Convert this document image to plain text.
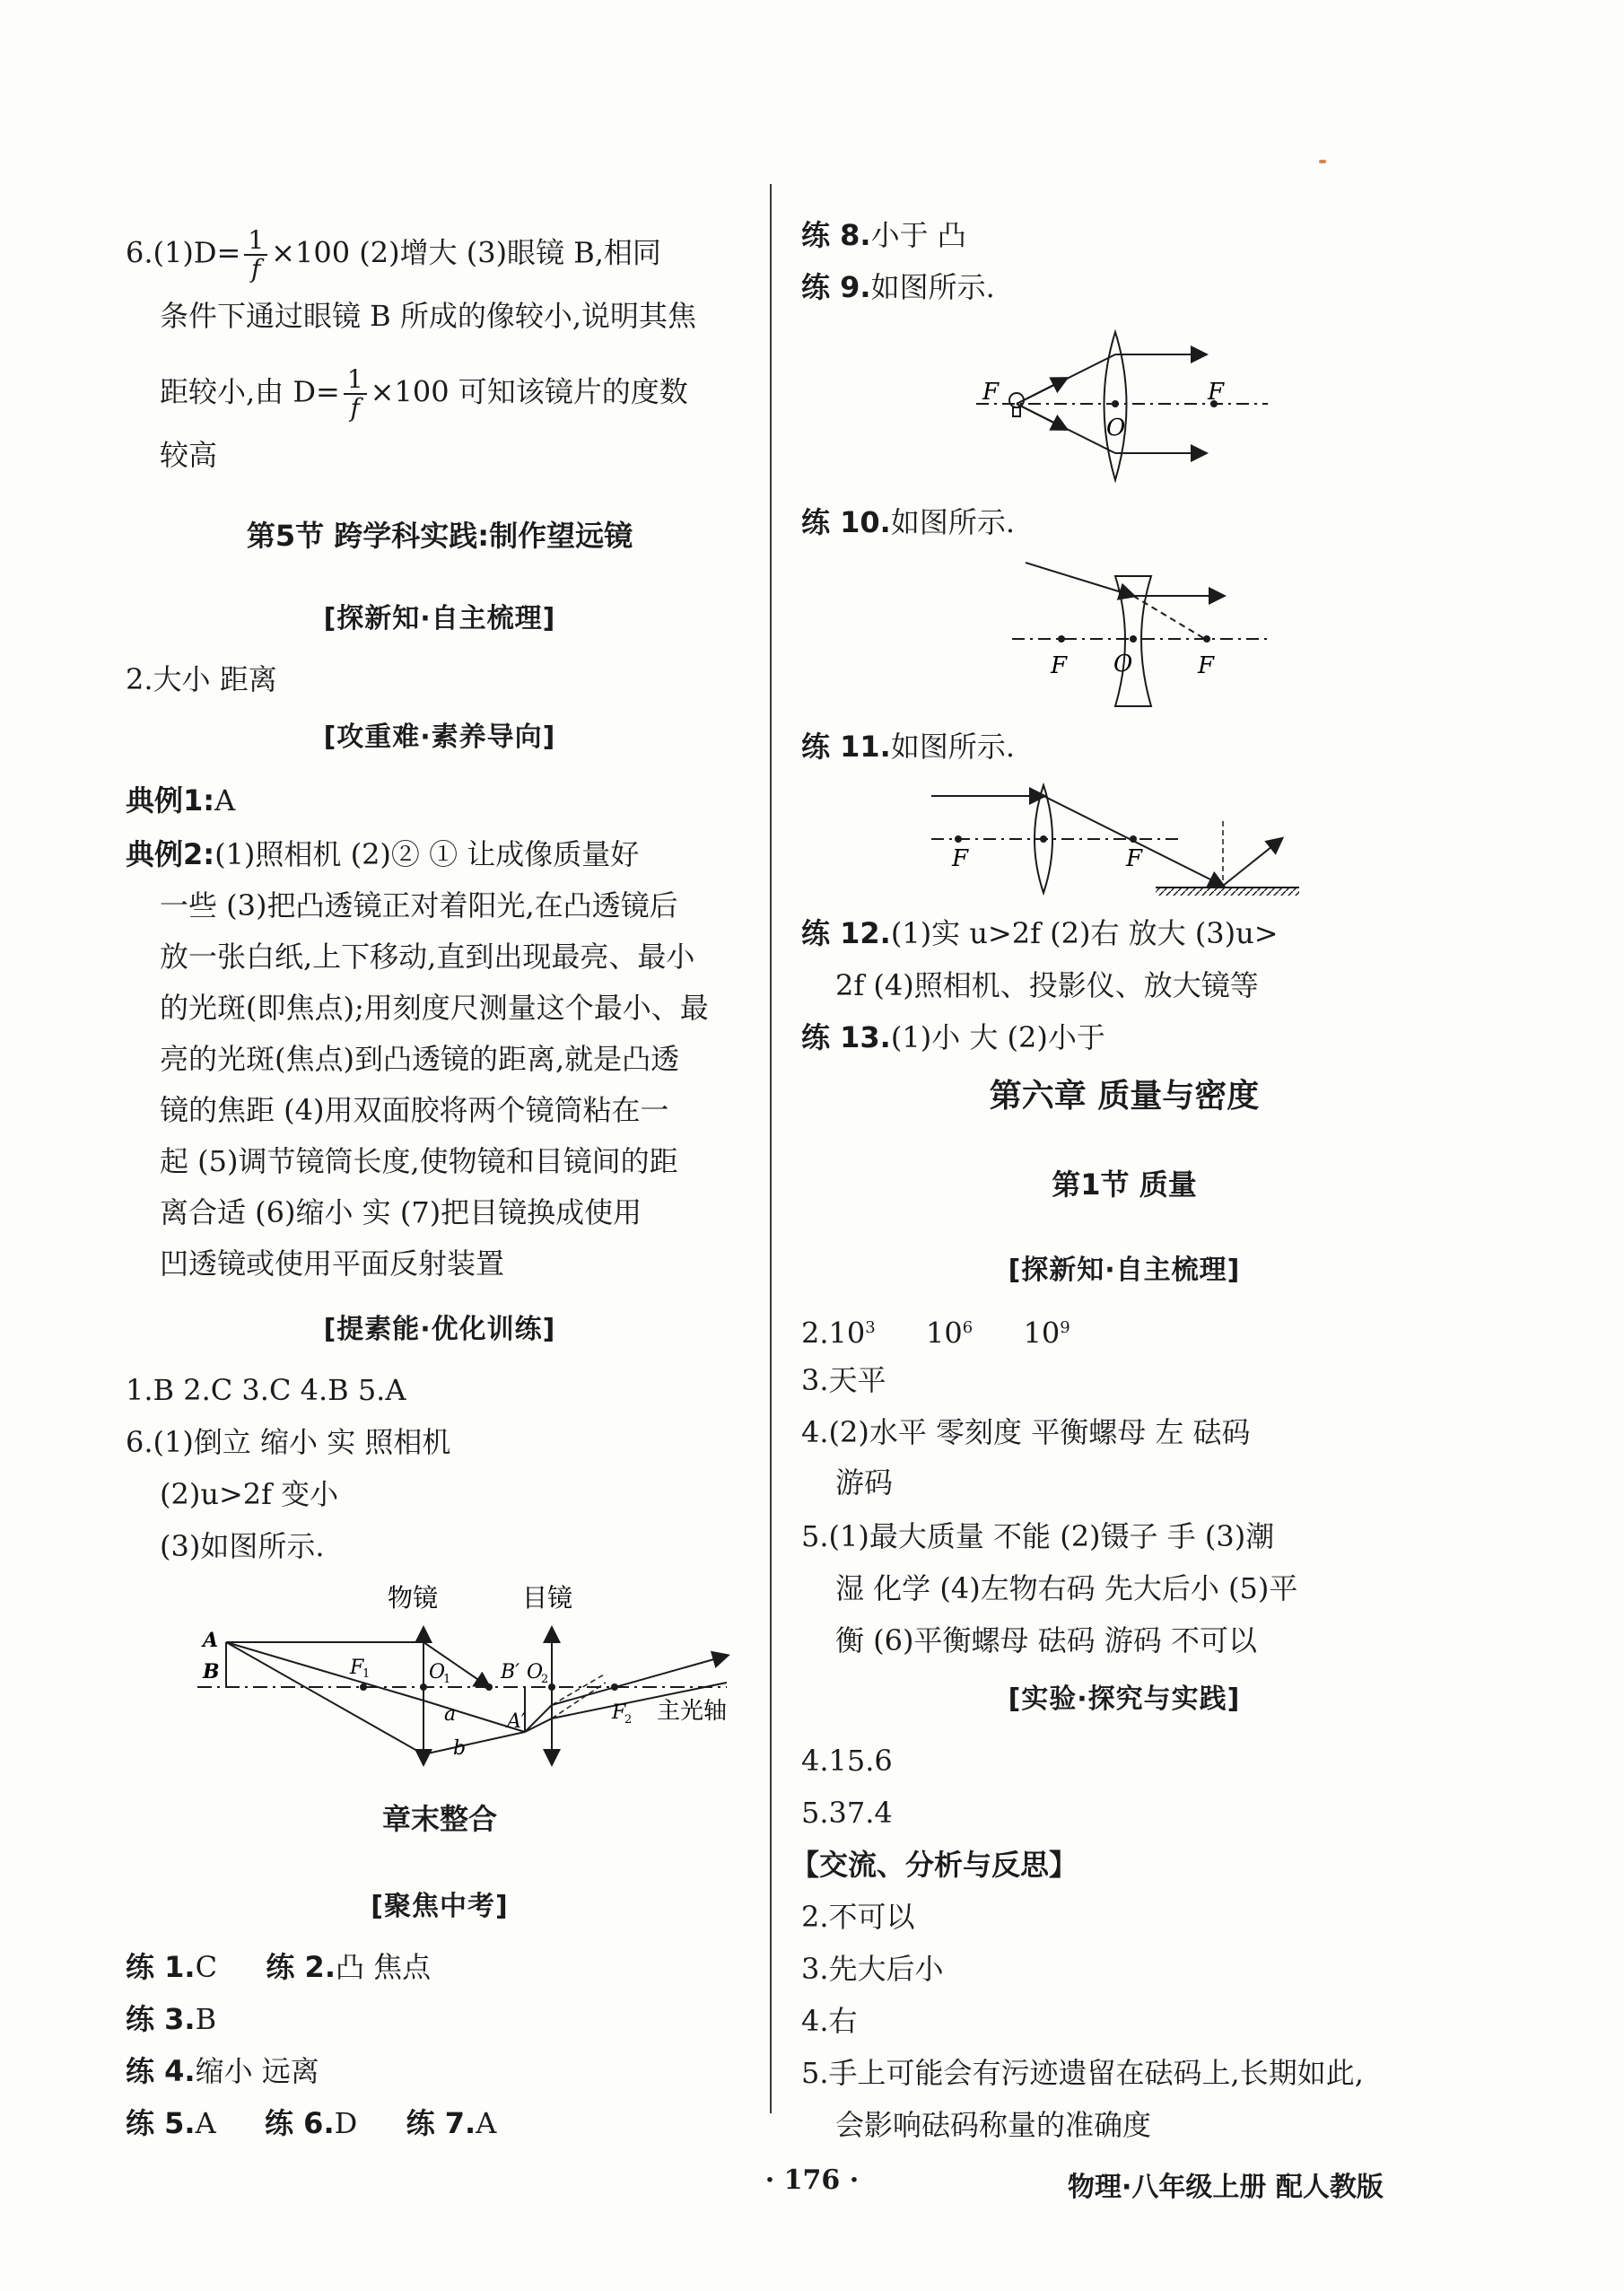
$6.(1)D= \frac{1}{f} \times 100$ (2)增大 (3)眼镜 B,相同
条件下通过眼镜 B 所成的像较小,说明其焦
距较小,由 $D= \frac{1}{f} \times 100$ 可知该镜片的度数
较高
第5节 跨学科实践:制作望远镜
[探新知·自主梳理]
2.大小 距离
[攻重难·素养导向]
典例1:A
典例2:(1)照相机 (2)② ① 让成像质量好
一些 (3)把凸透镜正对着阳光,在凸透镜后
放一张白纸,上下移动,直到出现最亮、最小
的光斑(即焦点);用刻度尺测量这个最小、最
亮的光斑(焦点)到凸透镜的距离,就是凸透
镜的焦距 (4)用双面胶将两个镜筒粘在一
起 (5)调节镜筒长度,使物镜和目镜间的距
离合适 (6)缩小 实 (7)把目镜换成使用
凹透镜或使用平面反射装置
[提素能·优化训练]
1.B 2.C 3.C 4.B 5.A
6.(1)倒立 缩小 实 照相机
(2)u>2f 变小
(3)如图所示.
物镜	目镜
A
B	F
1	O
1	B′ O
2
A′
a
b
F
2 主光轴
章末整合
[聚焦中考]
练 1.C 练 2.凸 焦点
练 3.B
练 4.缩小 远离
练 5.A 练 6.D 练 7.A
练 8.小于 凸
练 9.如图所示.
F	F
O
练 10.如图所示.
F O	F
练 11.如图所示.
F	F
练 12.(1)实 u>2f (2)右 放大 (3)u>
2f (4)照相机、投影仪、放大镜等
练 13.(1)小 大 (2)小于
第六章 质量与密度
第1节 质量
[探新知·自主梳理]
2.10$^3$ $10^6$ $10^9$
3.天平
4.(2)水平 零刻度 平衡螺母 左 砝码
游码
5.(1)最大质量 不能 (2)镊子 手 (3)潮
湿 化学 (4)左物右码 先大后小 (5)平
衡 (6)平衡螺母 砝码 游码 不可以
[实验·探究与实践]
4.15.6
5.37.4
【交流、分析与反思】
2.不可以
3.先大后小
4.右
5.手上可能会有污迹遗留在砝码上,长期如此,
会影响砝码称量的准确度
· 176 ·	物理·八年级上册 配人教版
